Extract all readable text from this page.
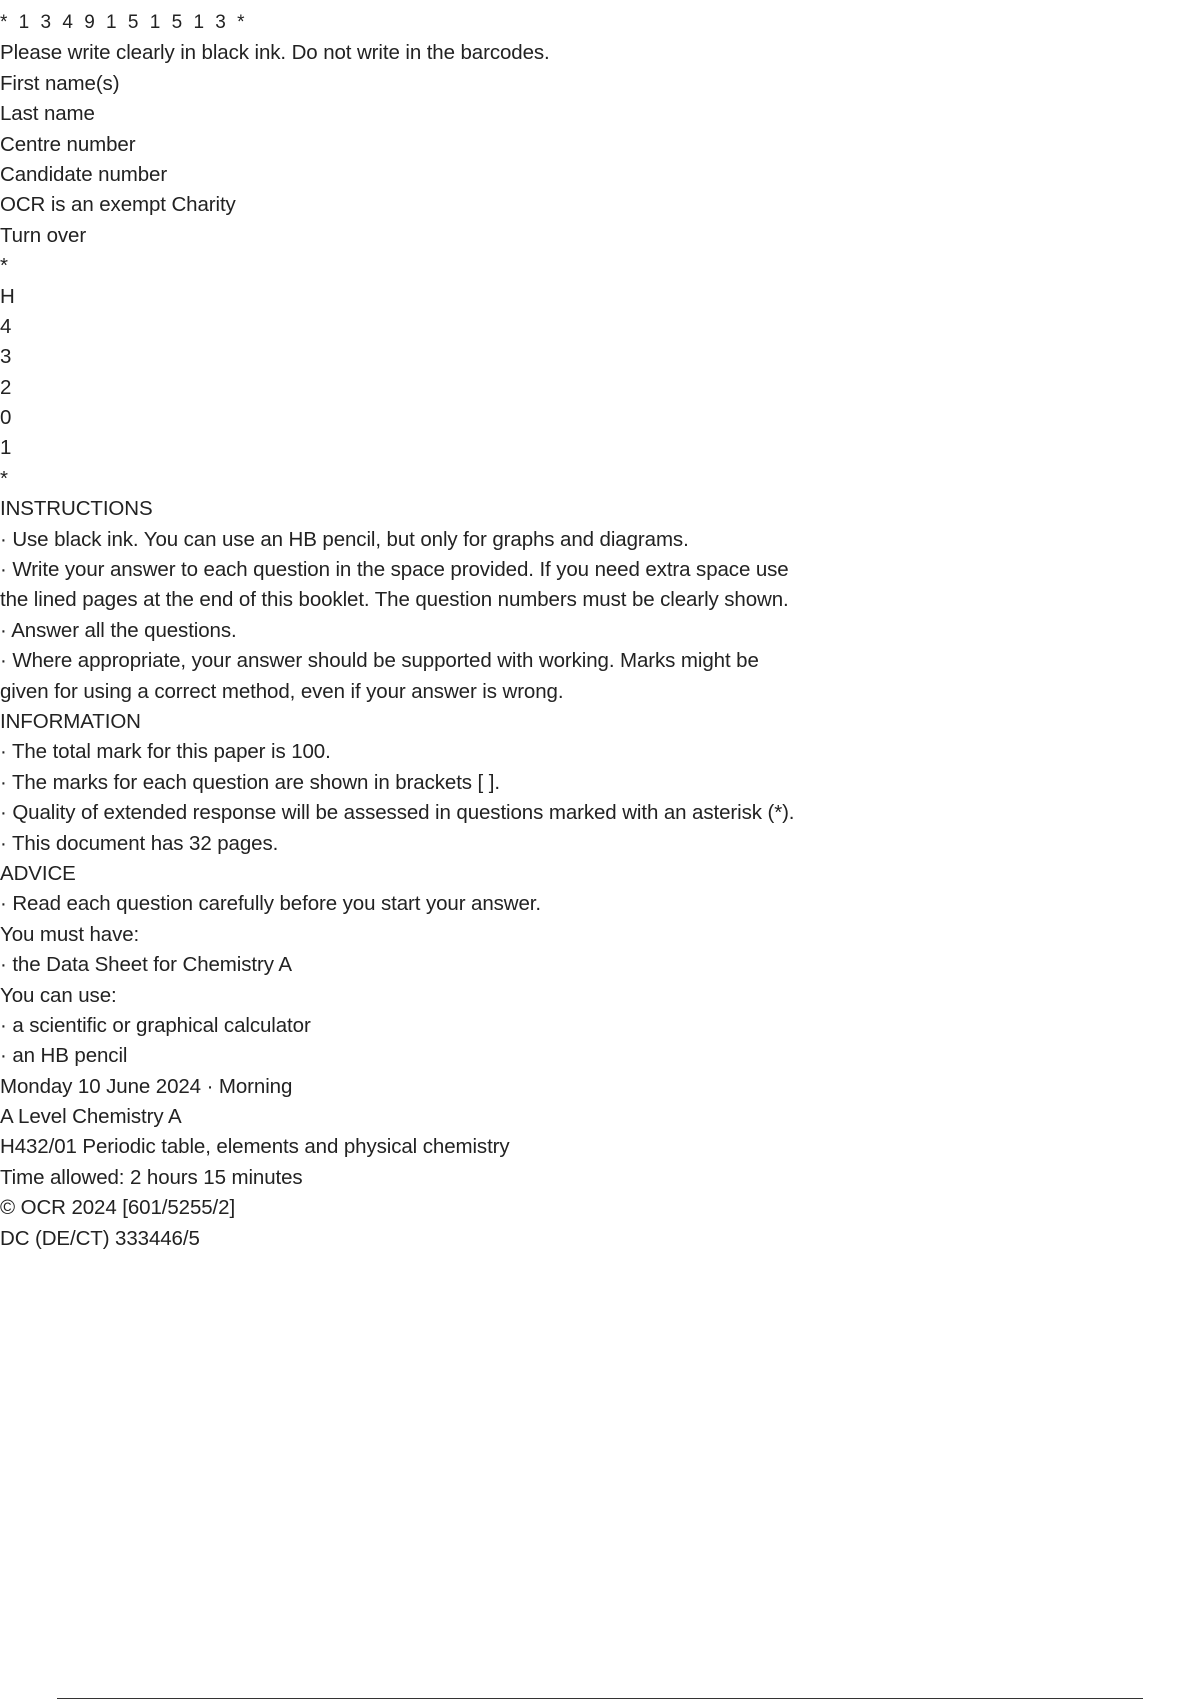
* 1 3 4 9 1 5 1 5 1 3 *
Please write clearly in black ink. Do not write in the barcodes.
First name(s)
Last name
Centre number
Candidate number
OCR is an exempt Charity
Turn over
*
H
4
3
2
0
1
*
INSTRUCTIONS
· Use black ink. You can use an HB pencil, but only for graphs and diagrams.
· Write your answer to each question in the space provided. If you need extra space use
the lined pages at the end of this booklet. The question numbers must be clearly shown.
· Answer all the questions.
· Where appropriate, your answer should be supported with working. Marks might be
given for using a correct method, even if your answer is wrong.
INFORMATION
· The total mark for this paper is 100.
· The marks for each question are shown in brackets [ ].
· Quality of extended response will be assessed in questions marked with an asterisk (*).
· This document has 32 pages.
ADVICE
· Read each question carefully before you start your answer.
You must have:
· the Data Sheet for Chemistry A
You can use:
· a scientific or graphical calculator
· an HB pencil
Monday 10 June 2024 · Morning
A Level Chemistry A
H432/01 Periodic table, elements and physical chemistry
Time allowed: 2 hours 15 minutes
© OCR 2024 [601/5255/2]
DC (DE/CT) 333446/5
